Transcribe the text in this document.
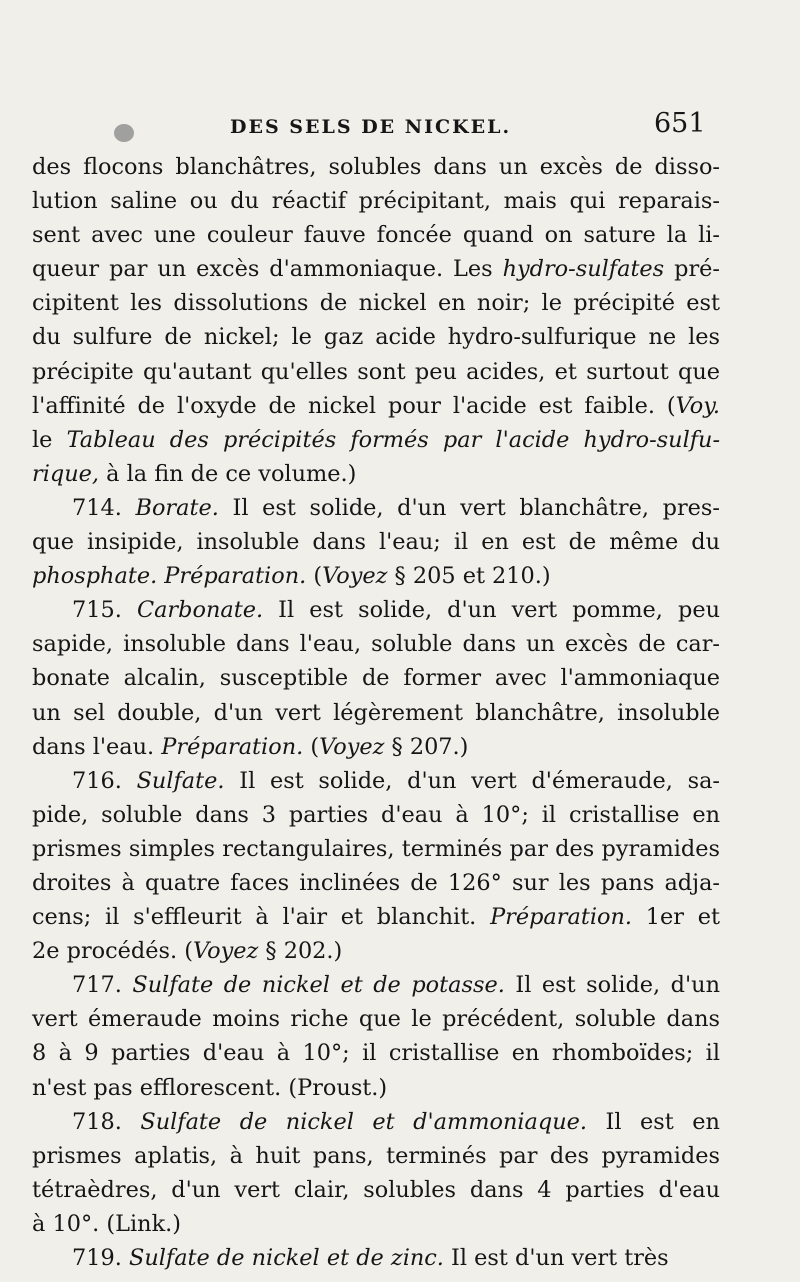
DES SELS DE NICKEL.	651
des flocons blanchâtres, solubles dans un excès de disso-
lution saline ou du réactif précipitant, mais qui reparais-
sent avec une couleur fauve foncée quand on sature la li-
queur par un excès d'ammoniaque. Les hydro-sulfates pré-
cipitent les dissolutions de nickel en noir; le précipité est
du sulfure de nickel; le gaz acide hydro-sulfurique ne les
précipite qu'autant qu'elles sont peu acides, et surtout que
l'affinité de l'oxyde de nickel pour l'acide est faible. (Voy.
le Tableau des précipités formés par l'acide hydro-sulfu-
rique, à la fin de ce volume.)
714. Borate. Il est solide, d'un vert blanchâtre, pres-
que insipide, insoluble dans l'eau; il en est de même du
phosphate. Préparation. (Voyez § 205 et 210.)
715. Carbonate. Il est solide, d'un vert pomme, peu
sapide, insoluble dans l'eau, soluble dans un excès de car-
bonate alcalin, susceptible de former avec l'ammoniaque
un sel double, d'un vert légèrement blanchâtre, insoluble
dans l'eau. Préparation. (Voyez § 207.)
716. Sulfate. Il est solide, d'un vert d'émeraude, sa-
pide, soluble dans 3 parties d'eau à 10°; il cristallise en
prismes simples rectangulaires, terminés par des pyramides
droites à quatre faces inclinées de 126° sur les pans adja-
cens; il s'effleurit à l'air et blanchit. Préparation. 1er et
2e procédés. (Voyez § 202.)
717. Sulfate de nickel et de potasse. Il est solide, d'un
vert émeraude moins riche que le précédent, soluble dans
8 à 9 parties d'eau à 10°; il cristallise en rhomboïdes; il
n'est pas efflorescent. (Proust.)
718. Sulfate de nickel et d'ammoniaque. Il est en
prismes aplatis, à huit pans, terminés par des pyramides
tétraèdres, d'un vert clair, solubles dans 4 parties d'eau
à 10°. (Link.)
719. Sulfate de nickel et de zinc. Il est d'un vert très
